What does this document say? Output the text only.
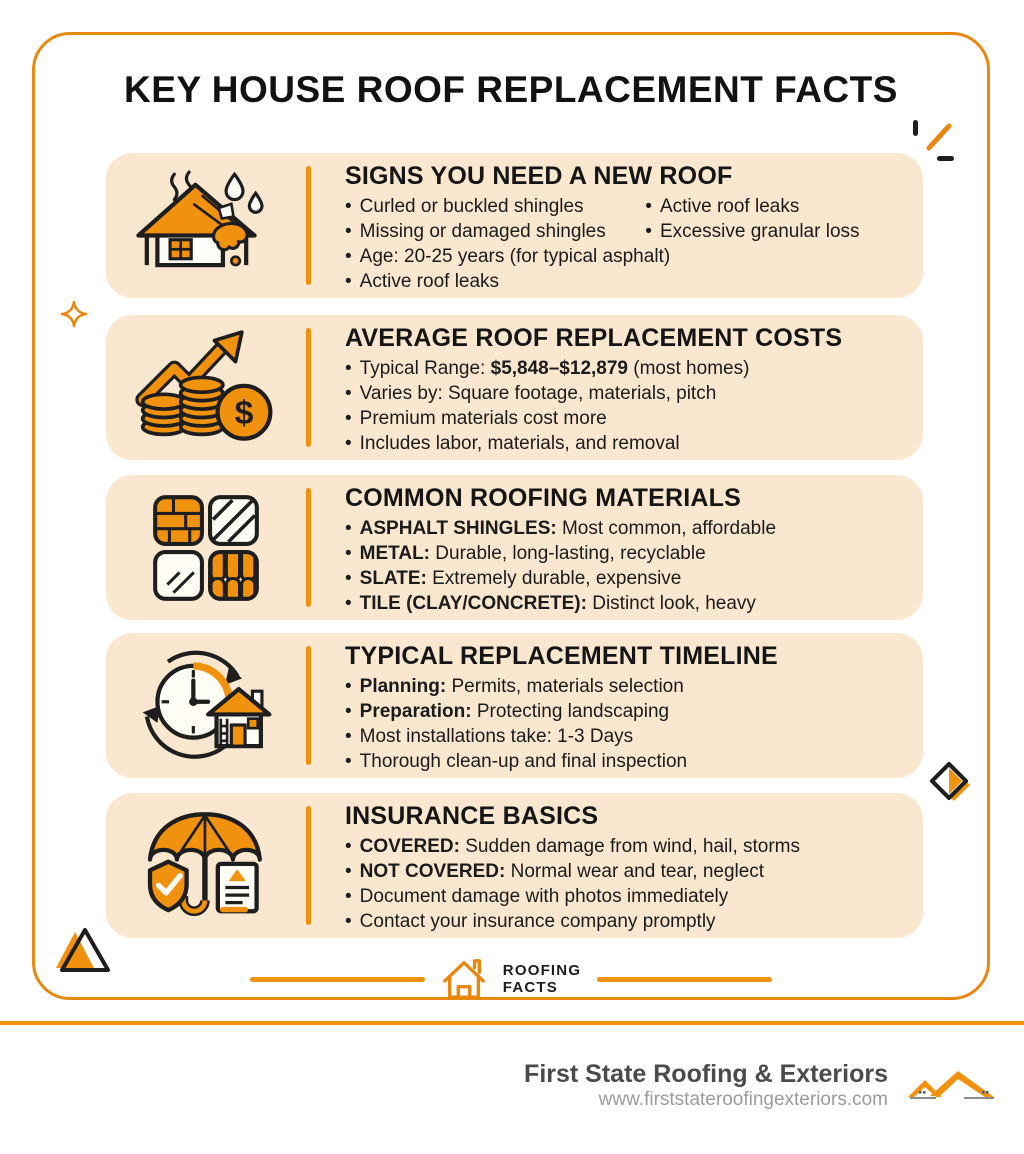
KEY HOUSE ROOF REPLACEMENT FACTS
SIGNS YOU NEED A NEW ROOF
• Curled or buckled shingles	• Active roof leaks
• Missing or damaged shingles	• Excessive granular loss
• Age: 20-25 years (for typical asphalt)
• Active roof leaks
$
AVERAGE ROOF REPLACEMENT COSTS
• Typical Range: $5,848–$12,879 (most homes)
• Varies by: Square footage, materials, pitch
• Premium materials cost more
• Includes labor, materials, and removal
COMMON ROOFING MATERIALS
• ASPHALT SHINGLES: Most common, affordable
• METAL: Durable, long-lasting, recyclable
• SLATE: Extremely durable, expensive
• TILE (CLAY/CONCRETE): Distinct look, heavy
TYPICAL REPLACEMENT TIMELINE
• Planning: Permits, materials selection
• Preparation: Protecting landscaping
• Most installations take: 1-3 Days
• Thorough clean-up and final inspection
INSURANCE BASICS
• COVERED: Sudden damage from wind, hail, storms
• NOT COVERED: Normal wear and tear, neglect
• Document damage with photos immediately
• Contact your insurance company promptly
ROOFING
FACTS
First State Roofing & Exteriors
www.firststateroofingexteriors.com
